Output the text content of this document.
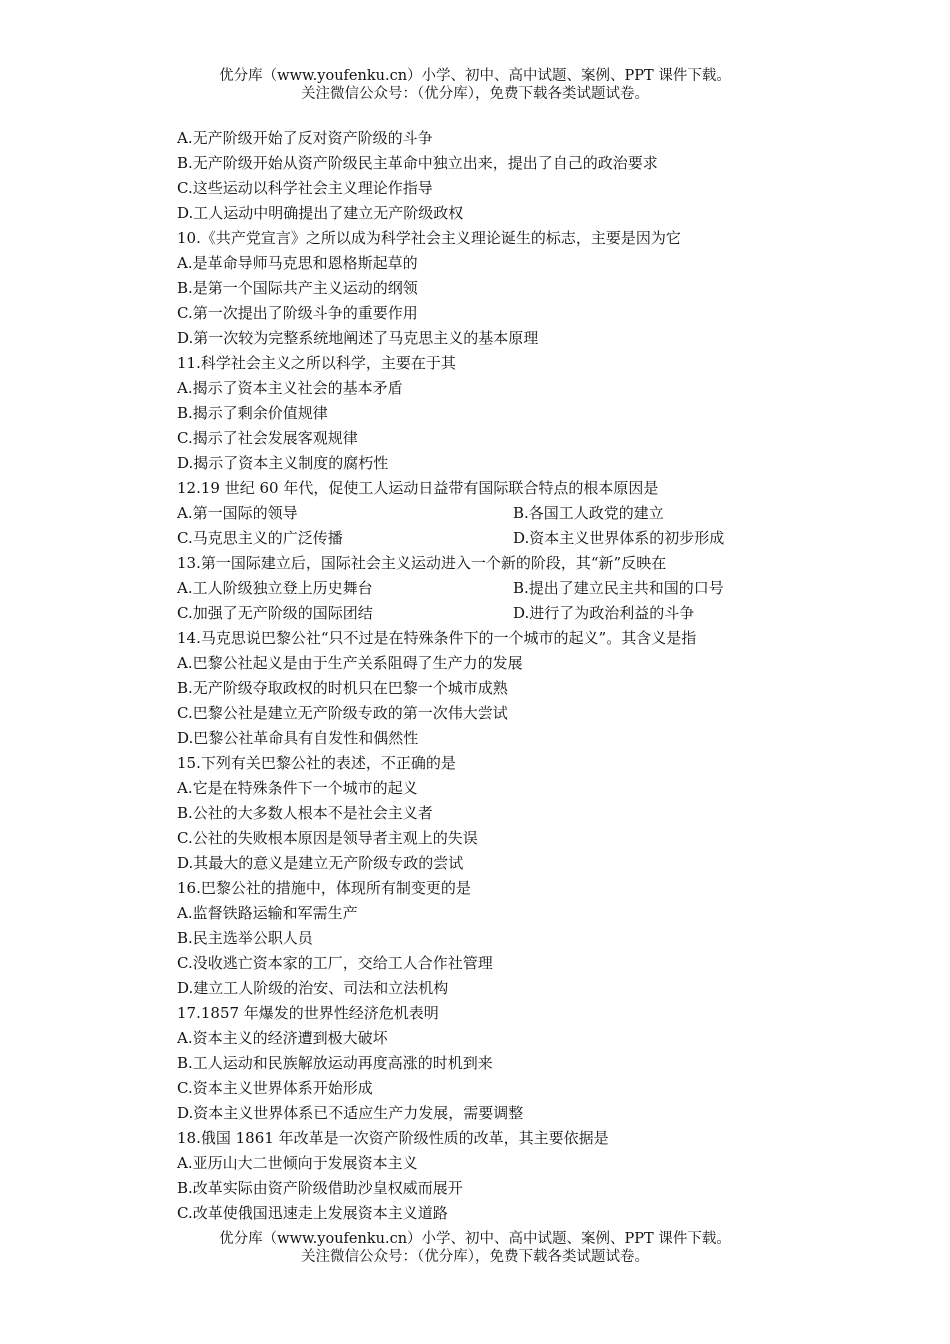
优分库（www.youfenku.cn）小学、初中、高中试题、案例、PPT 课件下载。
关注微信公众号：（优分库），免费下载各类试题试卷。
A.无产阶级开始了反对资产阶级的斗争
B.无产阶级开始从资产阶级民主革命中独立出来，提出了自己的政治要求
C.这些运动以科学社会主义理论作指导
D.工人运动中明确提出了建立无产阶级政权
10.《共产党宣言》之所以成为科学社会主义理论诞生的标志，主要是因为它
A.是革命导师马克思和恩格斯起草的
B.是第一个国际共产主义运动的纲领
C.第一次提出了阶级斗争的重要作用
D.第一次较为完整系统地阐述了马克思主义的基本原理
11.科学社会主义之所以科学，主要在于其
A.揭示了资本主义社会的基本矛盾
B.揭示了剩余价值规律
C.揭示了社会发展客观规律
D.揭示了资本主义制度的腐朽性
12.19 世纪 60 年代，促使工人运动日益带有国际联合特点的根本原因是
A.第一国际的领导	B.各国工人政党的建立
C.马克思主义的广泛传播	D.资本主义世界体系的初步形成
13.第一国际建立后，国际社会主义运动进入一个新的阶段，其“新”反映在
A.工人阶级独立登上历史舞台	B.提出了建立民主共和国的口号
C.加强了无产阶级的国际团结	D.进行了为政治利益的斗争
14.马克思说巴黎公社“只不过是在特殊条件下的一个城市的起义”。其含义是指
A.巴黎公社起义是由于生产关系阻碍了生产力的发展
B.无产阶级夺取政权的时机只在巴黎一个城市成熟
C.巴黎公社是建立无产阶级专政的第一次伟大尝试
D.巴黎公社革命具有自发性和偶然性
15.下列有关巴黎公社的表述，不正确的是
A.它是在特殊条件下一个城市的起义
B.公社的大多数人根本不是社会主义者
C.公社的失败根本原因是领导者主观上的失误
D.其最大的意义是建立无产阶级专政的尝试
16.巴黎公社的措施中，体现所有制变更的是
A.监督铁路运输和军需生产
B.民主选举公职人员
C.没收逃亡资本家的工厂，交给工人合作社管理
D.建立工人阶级的治安、司法和立法机构
17.1857 年爆发的世界性经济危机表明
A.资本主义的经济遭到极大破坏
B.工人运动和民族解放运动再度高涨的时机到来
C.资本主义世界体系开始形成
D.资本主义世界体系已不适应生产力发展，需要调整
18.俄国 1861 年改革是一次资产阶级性质的改革，其主要依据是
A.亚历山大二世倾向于发展资本主义
B.改革实际由资产阶级借助沙皇权威而展开
C.改革使俄国迅速走上发展资本主义道路
优分库（www.youfenku.cn）小学、初中、高中试题、案例、PPT 课件下载。
关注微信公众号：（优分库），免费下载各类试题试卷。
